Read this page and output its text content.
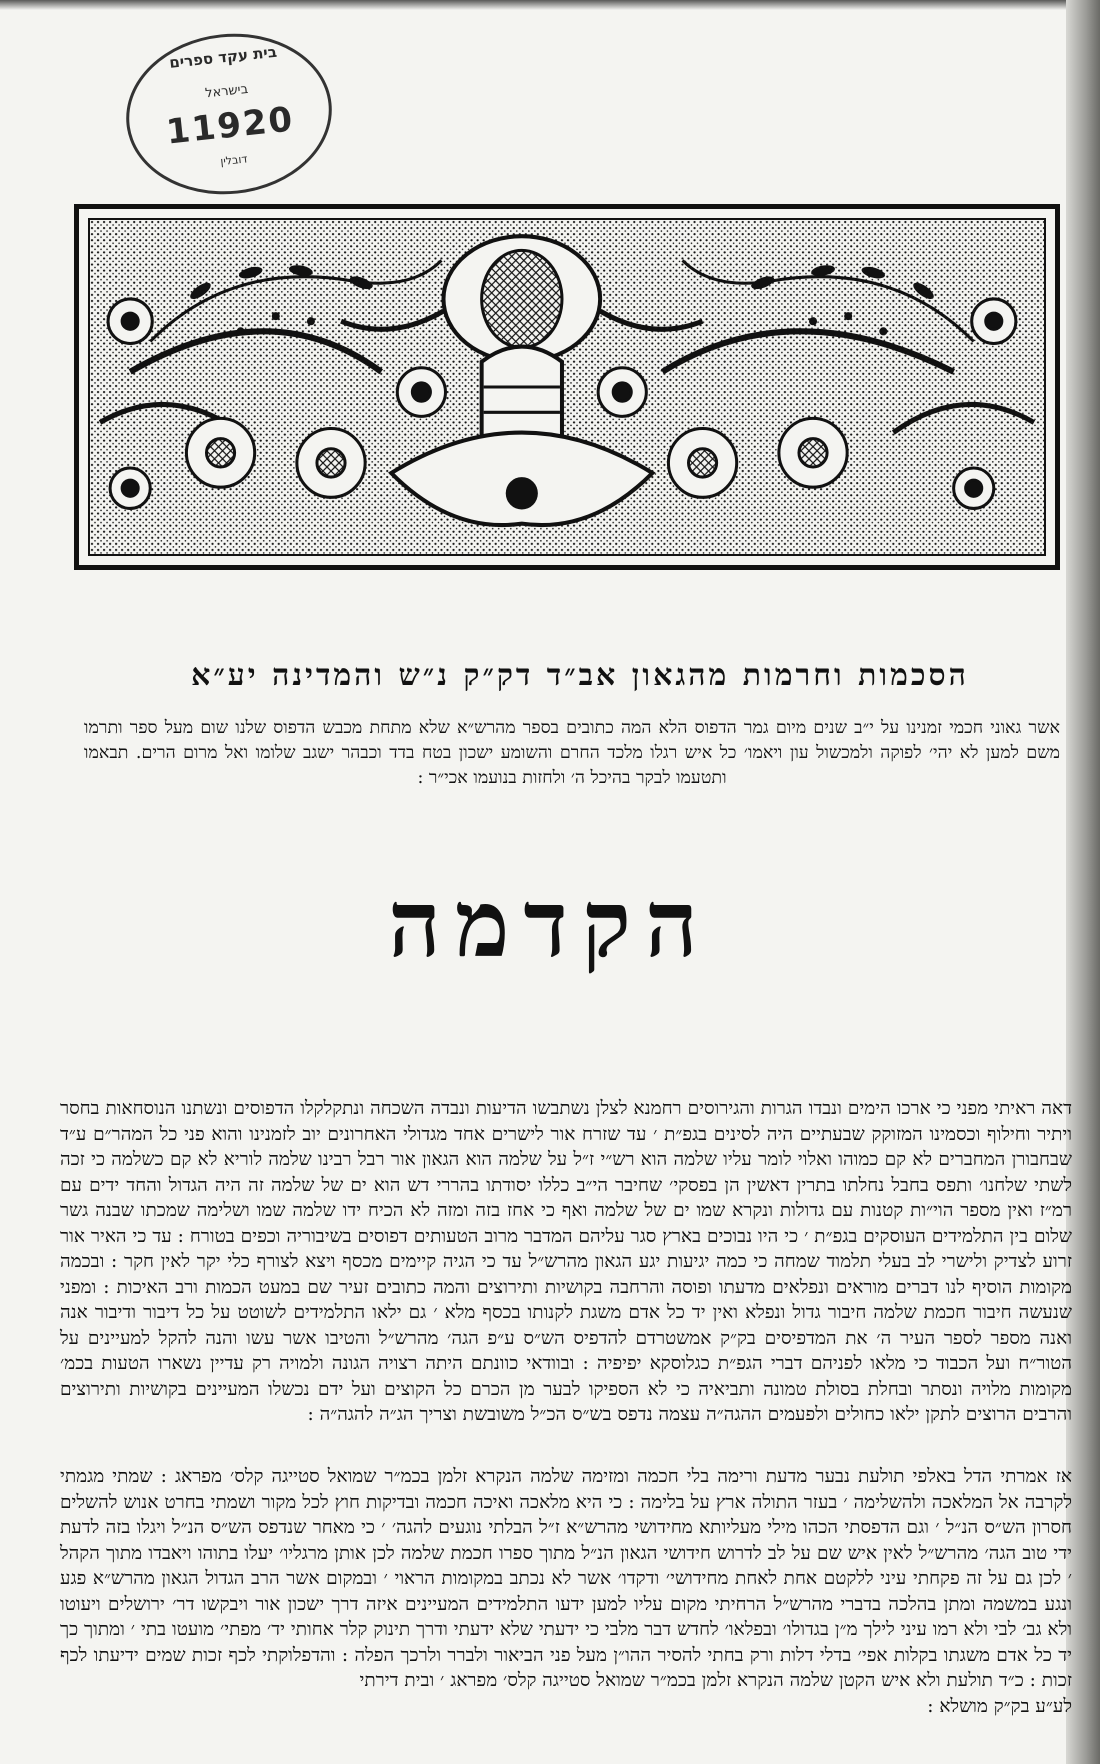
בית עקד ספרים
בישראל
11920
דובלין
הסכמות וחרמות מהגאון אב״ד דק״ק נ״ש והמדינה יע״א
אשר גאוני חכמי זמנינו על י״ב שנים מיום גמר הדפוס הלא המה כתובים בספר מהרש״א שלא מתחת מכבש הדפוס שלנו שום מעל ספר ותרמו משם למען לא יהי׳ לפוקה ולמכשול עון ויאמו׳ כל איש רגלו מלכד החרם והשומע ישכון בטח בדד וכבהר ישגב שלומו ואל מרום הרים. תבאמו ותטעמו לבקר בהיכל ה׳ ולחזות בנועמו אכי״ר :
הקדמה
דאה ראיתי מפני כי ארכו הימים ונבדו הגרות והגירוסים רחמנא לצלן נשתבשו הדיעות ונבדה השכחה ונתקלקלו הדפוסים ונשתנו הנוסחאות בחסר ויתיר וחילוף וכסמינו המזוקק שבעתיים היה לסינים בגפ״ת ׳ עד שזרח אור לישרים אחד מגדולי האחרונים יוב לזמנינו והוא פני כל המהר״ם ע״ד שבחבורן המחברים לא קם כמוהו ואלוי לומר עליו שלמה הוא רש״י ז״ל על שלמה הוא הגאון אור רבל רבינו שלמה לוריא לא קם כשלמה כי זכה לשתי שלחנו׳ ותפס בחבל נחלתו בתרין דאשין הן בפסקי׳ שחיבר הי״ב כללו יסודתו בהררי דש הוא ים של שלמה זה היה הגדול והחד ידים עם רמ״ז ואין מספר הוי״ות קטנות עם גדולות ונקרא שמו ים של שלמה ואף כי אחז בזה ומזה לא הכיח ידו שלמה שמו ושלימה שמכתו שבנה גשר שלום בין התלמידים העוסקים בגפ״ת ׳ כי היו נבוכים בארץ סגר עליהם המדבר מרוב הטעותים דפוסים בשיבוריה וכפים בטורח : עד כי האיר אור זרוע לצדיק ולישרי לב בעלי תלמוד שמחה כי כמה יגיעות יגע הגאון מהרש״ל עד כי הגיה קיימים מכסף ויצא לצורף כלי יקר לאין חקר : ובכמה מקומות הוסיף לנו דברים מוראים ונפלאים מדעתו ופוסה והרחבה בקושיות ותירוצים והמה כתובים זעיר שם במעט הכמות ורב האיכות : ומפני שנעשה חיבור חכמת שלמה חיבור גדול ונפלא ואין יד כל אדם משגת לקנותו בכסף מלא ׳ גם ילאו התלמידים לשוטט על כל דיבור ודיבור אנה ואנה מספר לספר העיר ה׳ את המדפיסים בק״ק אמשטרדם להדפיס הש״ס ע״פ הגה׳ מהרש״ל והטיבו אשר עשו והנה להקל למעיינים על הטור״ח ועל הכבוד כי מלאו לפניהם דברי הגפ״ת כגלוסקא יפיפיה : ובוודאי כוונתם היתה רצויה הגונה ולמויה רק עדיין נשארו הטעות בכמ׳ מקומות מלויה ונסתר ובחלת בסולת טמונה ותביאיה כי לא הספיקו לבער מן הכרם כל הקוצים ועל ידם נכשלו המעיינים בקושיות ותירוצים והרבים הרוצים לתקן ילאו כחולים ולפעמים ההגה״ה עצמה נדפס בש״ס הכ״ל משובשת וצריך הג״ה להגה״ה :
אז אמרתי הדל באלפי תולעת נבער מדעת ורימה בלי חכמה ומזימה שלמה הנקרא זלמן בכמ״ר שמואל סטייגה קלס׳ מפראג : שמתי מגמתי לקרבה אל המלאכה ולהשלימה ׳ בעזר התולה ארץ על בלימה : כי היא מלאכה ואיכה חכמה ובדיקות חוץ לכל מקור ושמתי בחרט אנוש להשלים חסרון הש״ס הנ״ל ׳ וגם הדפסתי הכהו מילי מעליותא מחידושי מהרש״א ז״ל הבלתי נוגעים להגה׳ ׳ כי מאחר שנדפס הש״ס הנ״ל ויגלו בזה לדעת ידי טוב הגה׳ מהרש״ל לאין איש שם על לב לדרוש חידושי הגאון הנ״ל מתוך ספרו חכמת שלמה לכן אותן מרגליו׳ יעלו בתוהו ויאבדו מתוך הקהל ׳ לכן גם על זה פקחתי עיני ללקטם אחת לאחת מחידושי׳ ודקדו׳ אשר לא נכתב במקומות הראוי ׳ ובמקום אשר הרב הגדול הגאון מהרש״א פגע ונגע במשמה ומתן בהלכה בדברי מהרש״ל הרחיתי מקום עליו למען ידעו התלמידים המעיינים איזה דרך ישכון אור ויבקשו דר׳ ירושלים ויעוטו ולא גב׳ לבי ולא רמו עיני לילך מ״ן בגדולו׳ ובפלאו׳ לחדש דבר מלבי כי ידעתי שלא ידעתי ודרך תינוק קלר אחותי יד׳ מפתי׳ מועטו בתי ׳ ומתוך כך יד כל אדם משגתו בקלות אפי׳ בדלי דלות ורק בחתי להסיר ההו״ן מעל פני הביאור ולברר ולרכך הפלה : והדפלוקתי לכף זכות שמים ידיעתו לכף זכות : כ״ד תולעת ולא איש הקטן שלמה הנקרא זלמן בכמ״ר שמואל סטייגה קלס׳ מפראג ׳ ובית דירתי
לע״ע בק״ק מושלא :
